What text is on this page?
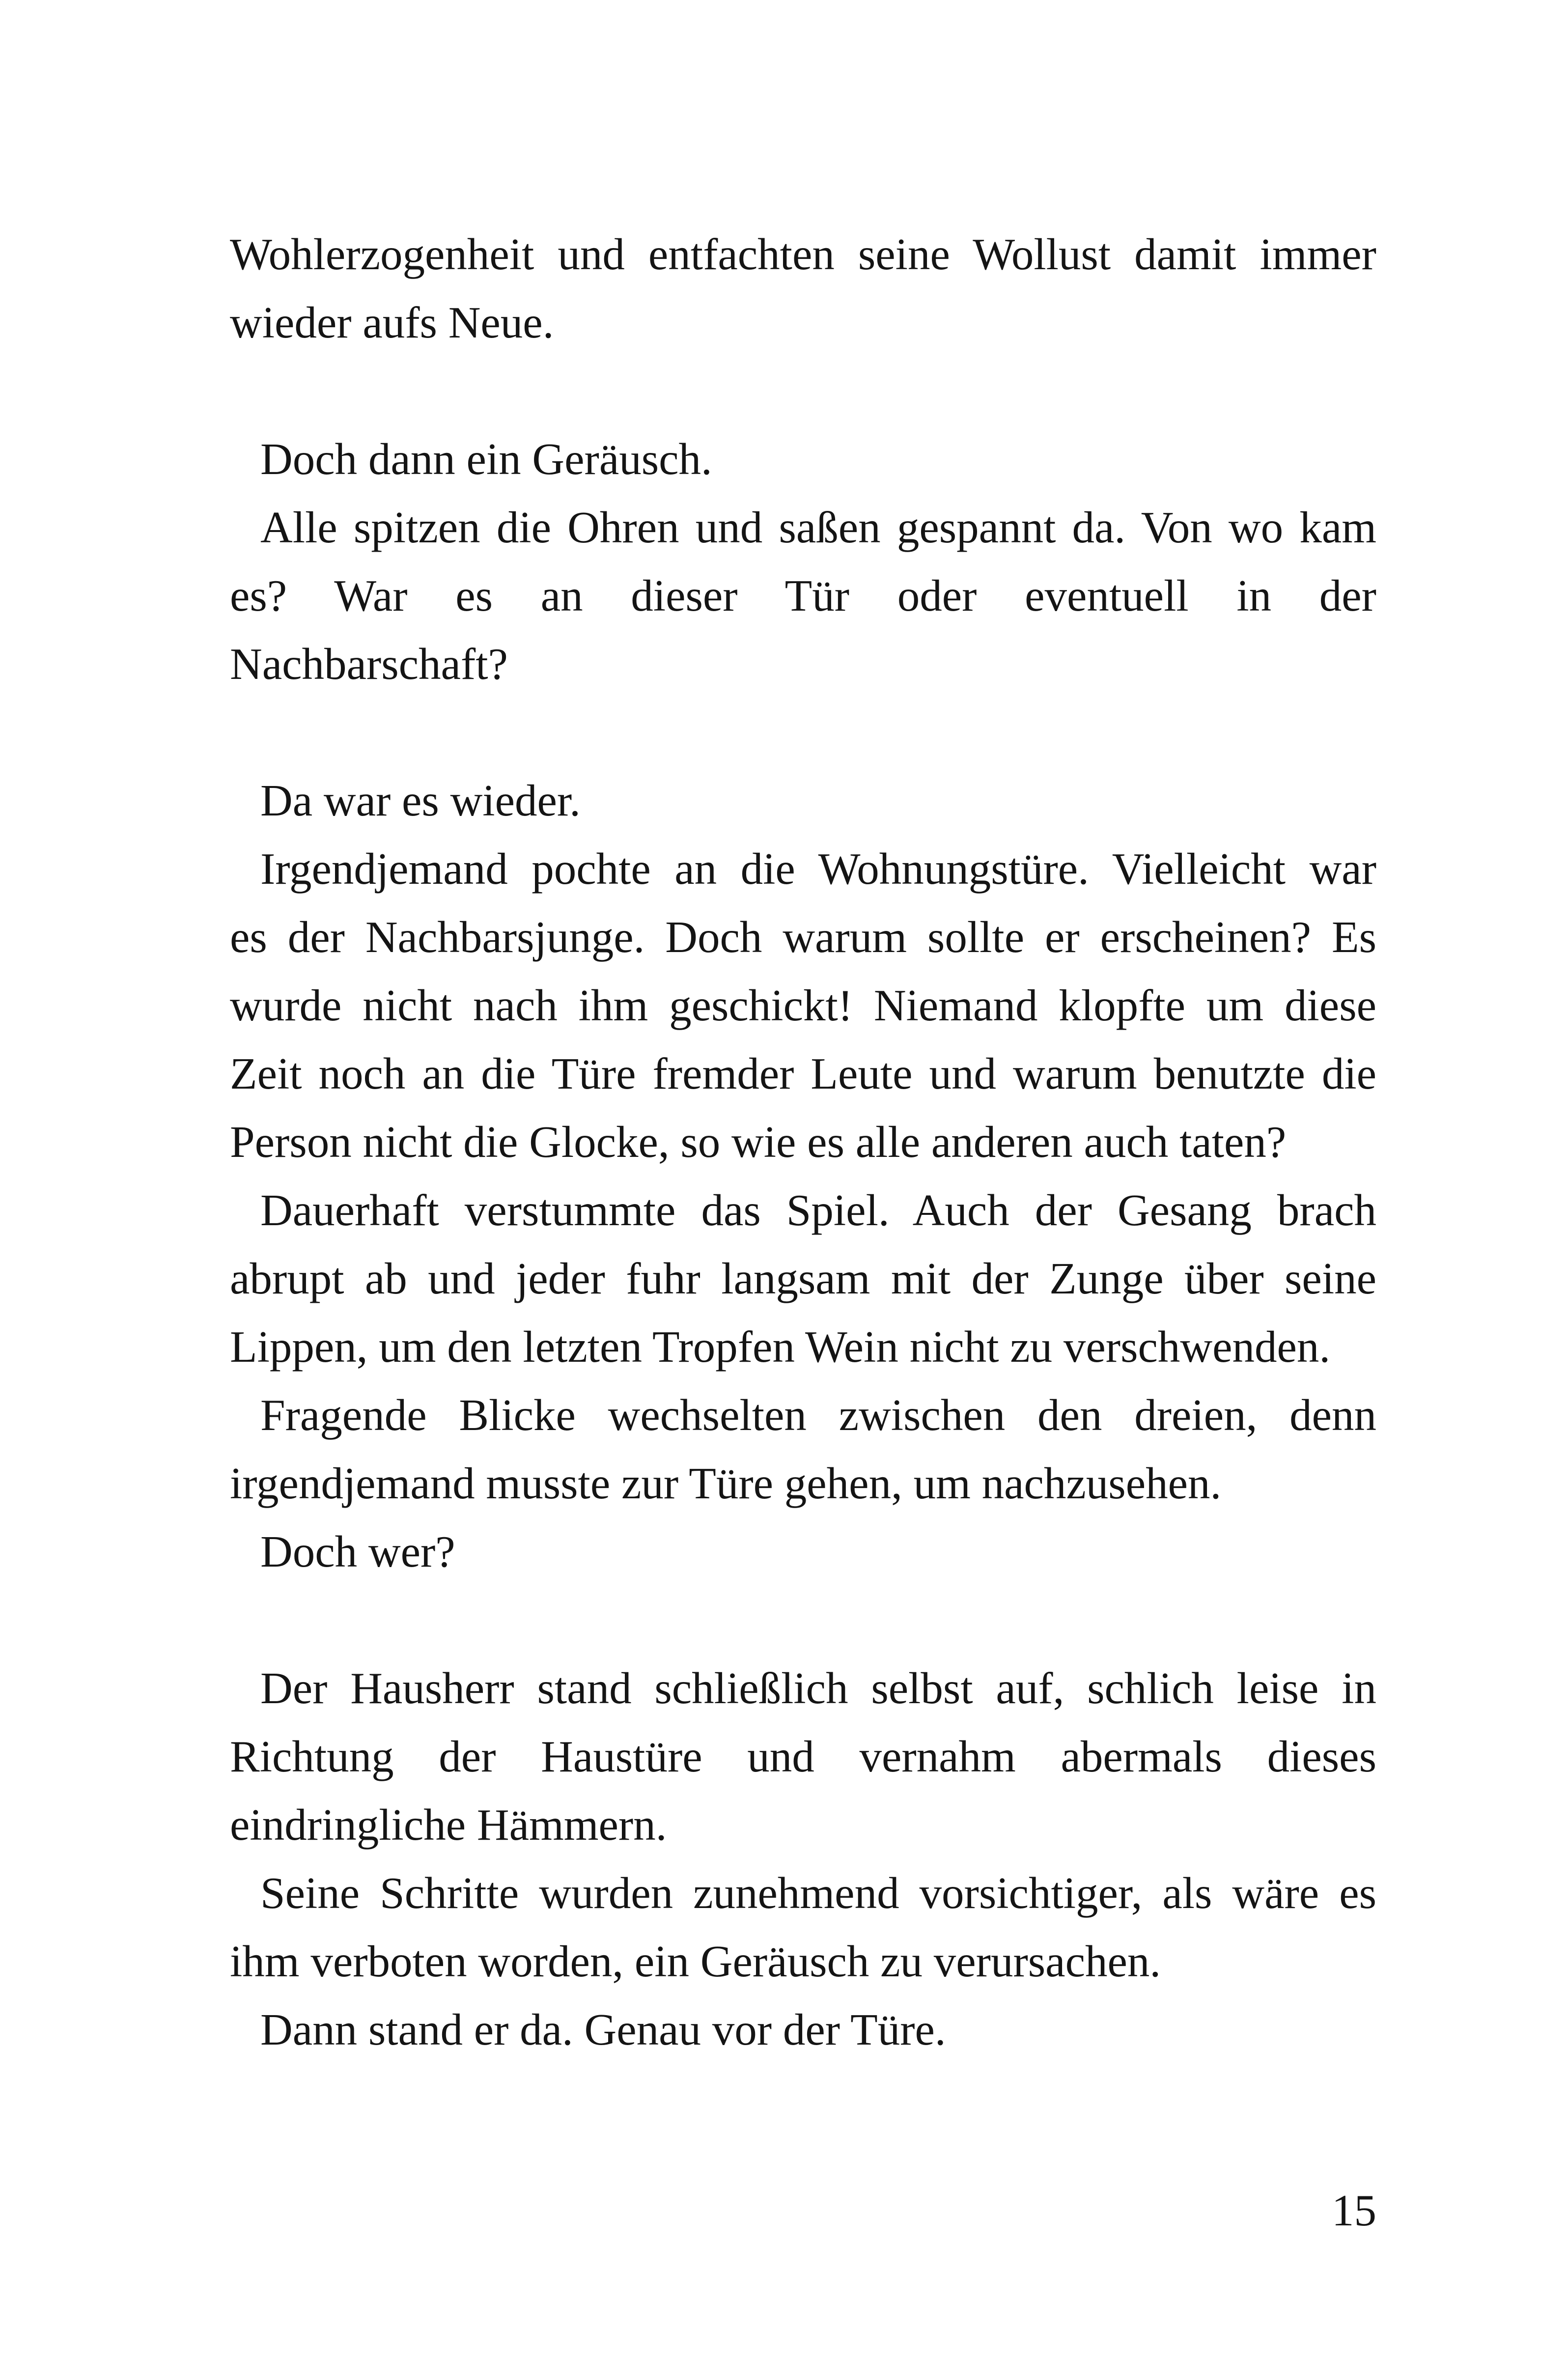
Wohlerzogenheit und entfachten seine Wollust damit immer
wieder aufs Neue.
Doch dann ein Geräusch.
Alle spitzen die Ohren und saßen gespannt da. Von wo kam
es? War es an dieser Tür oder eventuell in der
Nachbarschaft?
Da war es wieder.
Irgendjemand pochte an die Wohnungstüre. Vielleicht war
es der Nachbarsjunge. Doch warum sollte er erscheinen? Es
wurde nicht nach ihm geschickt! Niemand klopfte um diese
Zeit noch an die Türe fremder Leute und warum benutzte die
Person nicht die Glocke, so wie es alle anderen auch taten?
Dauerhaft verstummte das Spiel. Auch der Gesang brach
abrupt ab und jeder fuhr langsam mit der Zunge über seine
Lippen, um den letzten Tropfen Wein nicht zu verschwenden.
Fragende Blicke wechselten zwischen den dreien, denn
irgendjemand musste zur Türe gehen, um nachzusehen.
Doch wer?
Der Hausherr stand schließlich selbst auf, schlich leise in
Richtung der Haustüre und vernahm abermals dieses
eindringliche Hämmern.
Seine Schritte wurden zunehmend vorsichtiger, als wäre es
ihm verboten worden, ein Geräusch zu verursachen.
Dann stand er da. Genau vor der Türe.
15
